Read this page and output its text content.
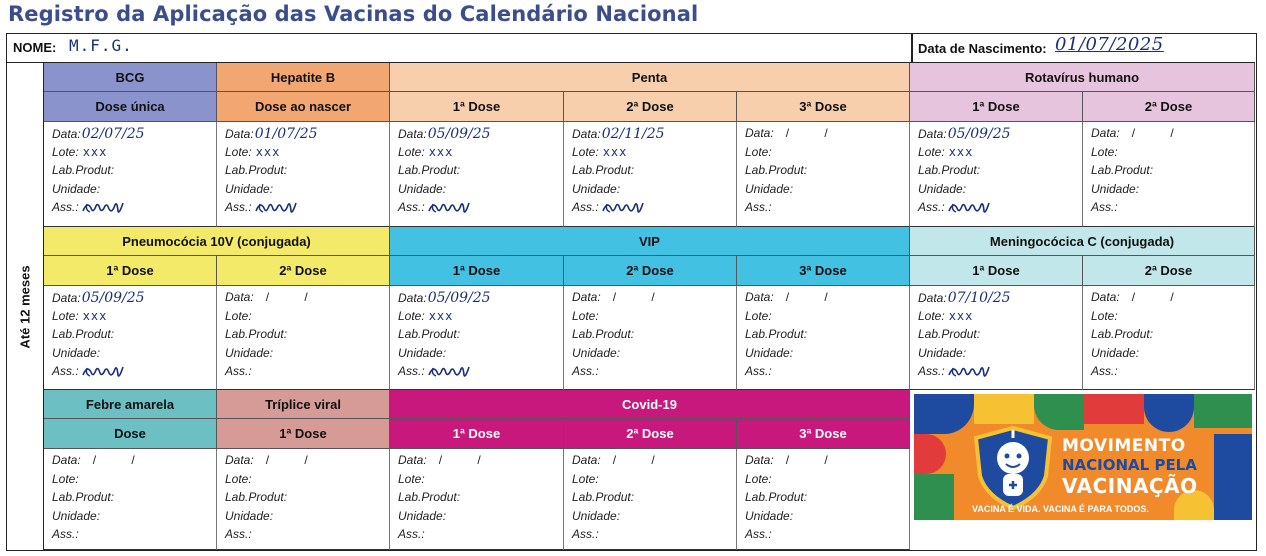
Registro da Aplicação das Vacinas do Calendário Nacional
NOME: M.F.G.	Data de Nascimento: 01/07/2025
Até 12 meses
BCG	Hepatite B	Penta	Rotavírus humano
Dose única	Dose ao nascer	1ª Dose	2ª Dose	3ª Dose	1ª Dose	2ª Dose
Data:02/07/25
Lote: xxx
Lab.Produt:
Unidade:
Ass.:
Data:01/07/25
Lote: xxx
Lab.Produt:
Unidade:
Ass.:
Data:05/09/25
Lote: xxx
Lab.Produt:
Unidade:
Ass.:
Data:02/11/25
Lote: xxx
Lab.Produt:
Unidade:
Ass.:
Data: / /
Lote:
Lab.Produt:
Unidade:
Ass.:
Data:05/09/25
Lote: xxx
Lab.Produt:
Unidade:
Ass.:
Data: / /
Lote:
Lab.Produt:
Unidade:
Ass.:
Pneumocócia 10V (conjugada)	VIP	Meningocócica C (conjugada)
1ª Dose	2ª Dose	1ª Dose	2ª Dose	3ª Dose	1ª Dose	2ª Dose
Data:05/09/25
Lote: xxx
Lab.Produt:
Unidade:
Ass.:
Data: / /
Lote:
Lab.Produt:
Unidade:
Ass.:
Data:05/09/25
Lote: xxx
Lab.Produt:
Unidade:
Ass.:
Data: / /
Lote:
Lab.Produt:
Unidade:
Ass.:
Data: / /
Lote:
Lab.Produt:
Unidade:
Ass.:
Data:07/10/25
Lote: xxx
Lab.Produt:
Unidade:
Ass.:
Data: / /
Lote:
Lab.Produt:
Unidade:
Ass.:
Febre amarela	Tríplice viral	Covid-19
Dose	1ª Dose	1ª Dose	2ª Dose	3ª Dose
Data: / /
Lote:
Lab.Produt:
Unidade:
Ass.:
Data: / /
Lote:
Lab.Produt:
Unidade:
Ass.:
Data: / /
Lote:
Lab.Produt:
Unidade:
Ass.:
Data: / /
Lote:
Lab.Produt:
Unidade:
Ass.:
Data: / /
Lote:
Lab.Produt:
Unidade:
Ass.:
MOVIMENTO
NACIONAL PELA
VACINAÇÃO
VACINA É VIDA. VACINA É PARA TODOS.
